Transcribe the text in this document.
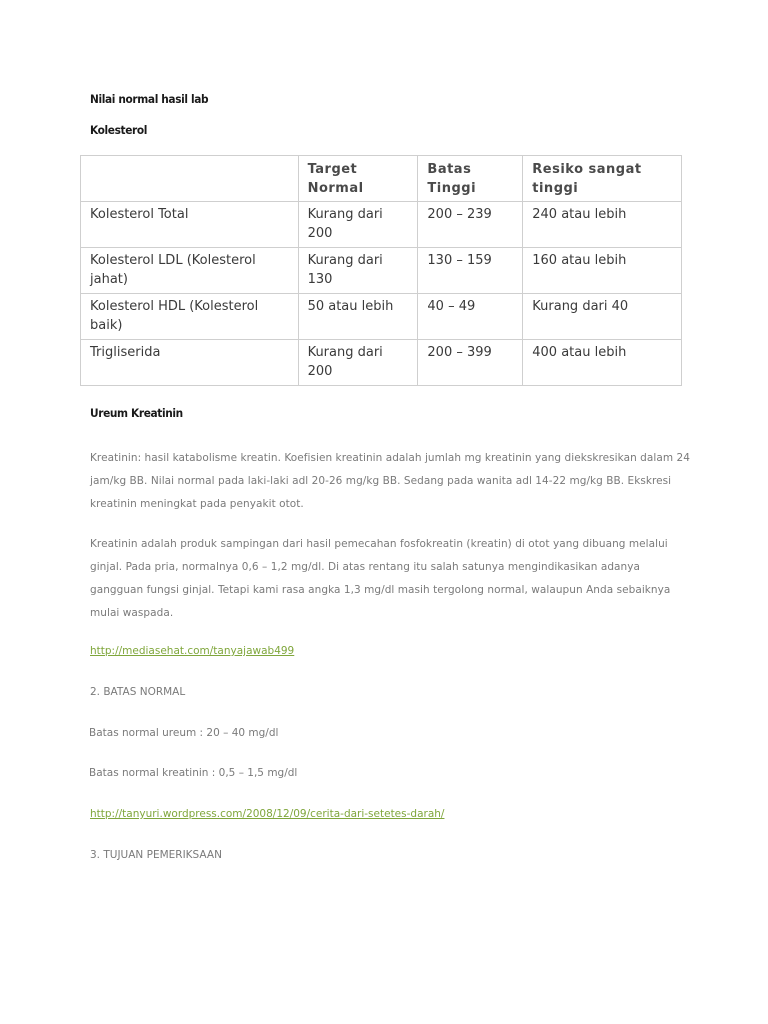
Nilai normal hasil lab
Kolesterol
	Target Normal	Batas Tinggi	Resiko sangat tinggi
Kolesterol Total	Kurang dari 200	200 – 239	240 atau lebih
Kolesterol LDL (Kolesterol jahat)	Kurang dari 130	130 – 159	160 atau lebih
Kolesterol HDL (Kolesterol baik)	50 atau lebih	40 – 49	Kurang dari 40
Trigliserida	Kurang dari 200	200 – 399	400 atau lebih
Ureum Kreatinin
Kreatinin: hasil katabolisme kreatin. Koefisien kreatinin adalah jumlah mg kreatinin yang diekskresikan dalam 24 jam/kg BB. Nilai normal pada laki-laki adl 20-26 mg/kg BB. Sedang pada wanita adl 14-22 mg/kg BB. Ekskresi kreatinin meningkat pada penyakit otot.
Kreatinin adalah produk sampingan dari hasil pemecahan fosfokreatin (kreatin) di otot yang dibuang melalui ginjal. Pada pria, normalnya 0,6 – 1,2 mg/dl. Di atas rentang itu salah satunya mengindikasikan adanya gangguan fungsi ginjal. Tetapi kami rasa angka 1,3 mg/dl masih tergolong normal, walaupun Anda sebaiknya mulai waspada.
http://mediasehat.com/tanyajawab499
2. BATAS NORMAL
Batas normal ureum : 20 – 40 mg/dl
Batas normal kreatinin : 0,5 – 1,5 mg/dl
http://tanyuri.wordpress.com/2008/12/09/cerita-dari-setetes-darah/
3. TUJUAN PEMERIKSAAN
